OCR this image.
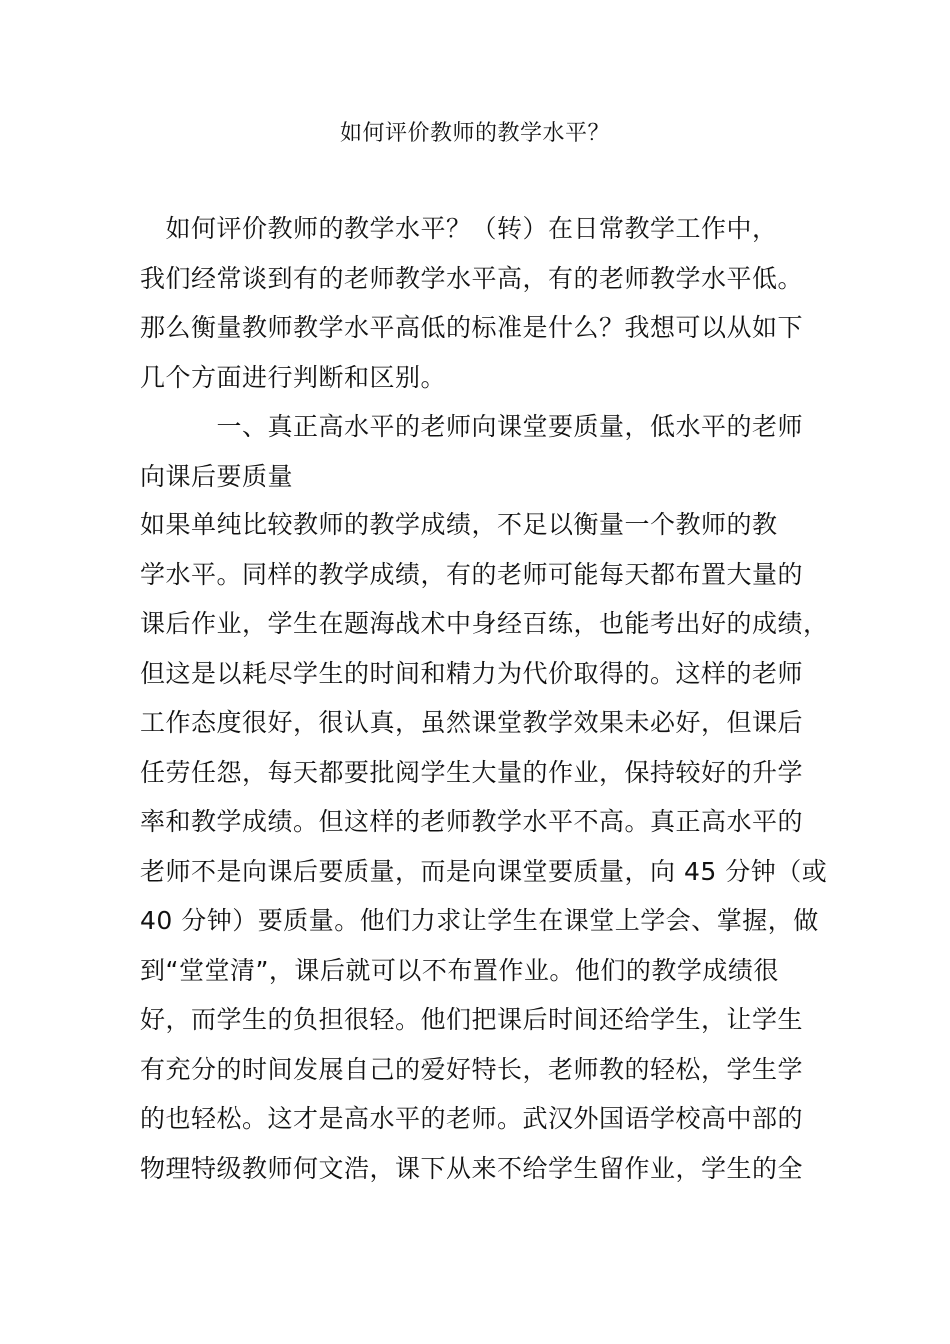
如何评价教师的教学水平？
　如何评价教师的教学水平？（转）在日常教学工作中，
我们经常谈到有的老师教学水平高，有的老师教学水平低。
那么衡量教师教学水平高低的标准是什么？我想可以从如下
几个方面进行判断和区别。
　　　一、真正高水平的老师向课堂要质量，低水平的老师
向课后要质量
如果单纯比较教师的教学成绩，不足以衡量一个教师的教
学水平。同样的教学成绩，有的老师可能每天都布置大量的
课后作业，学生在题海战术中身经百练，也能考出好的成绩，
但这是以耗尽学生的时间和精力为代价取得的。这样的老师
工作态度很好，很认真，虽然课堂教学效果未必好，但课后
任劳任怨，每天都要批阅学生大量的作业，保持较好的升学
率和教学成绩。但这样的老师教学水平不高。真正高水平的
老师不是向课后要质量，而是向课堂要质量，向 45 分钟（或
40 分钟）要质量。他们力求让学生在课堂上学会、掌握，做
到“堂堂清”，课后就可以不布置作业。他们的教学成绩很
好，而学生的负担很轻。他们把课后时间还给学生，让学生
有充分的时间发展自己的爱好特长，老师教的轻松，学生学
的也轻松。这才是高水平的老师。武汉外国语学校高中部的
物理特级教师何文浩，课下从来不给学生留作业，学生的全
